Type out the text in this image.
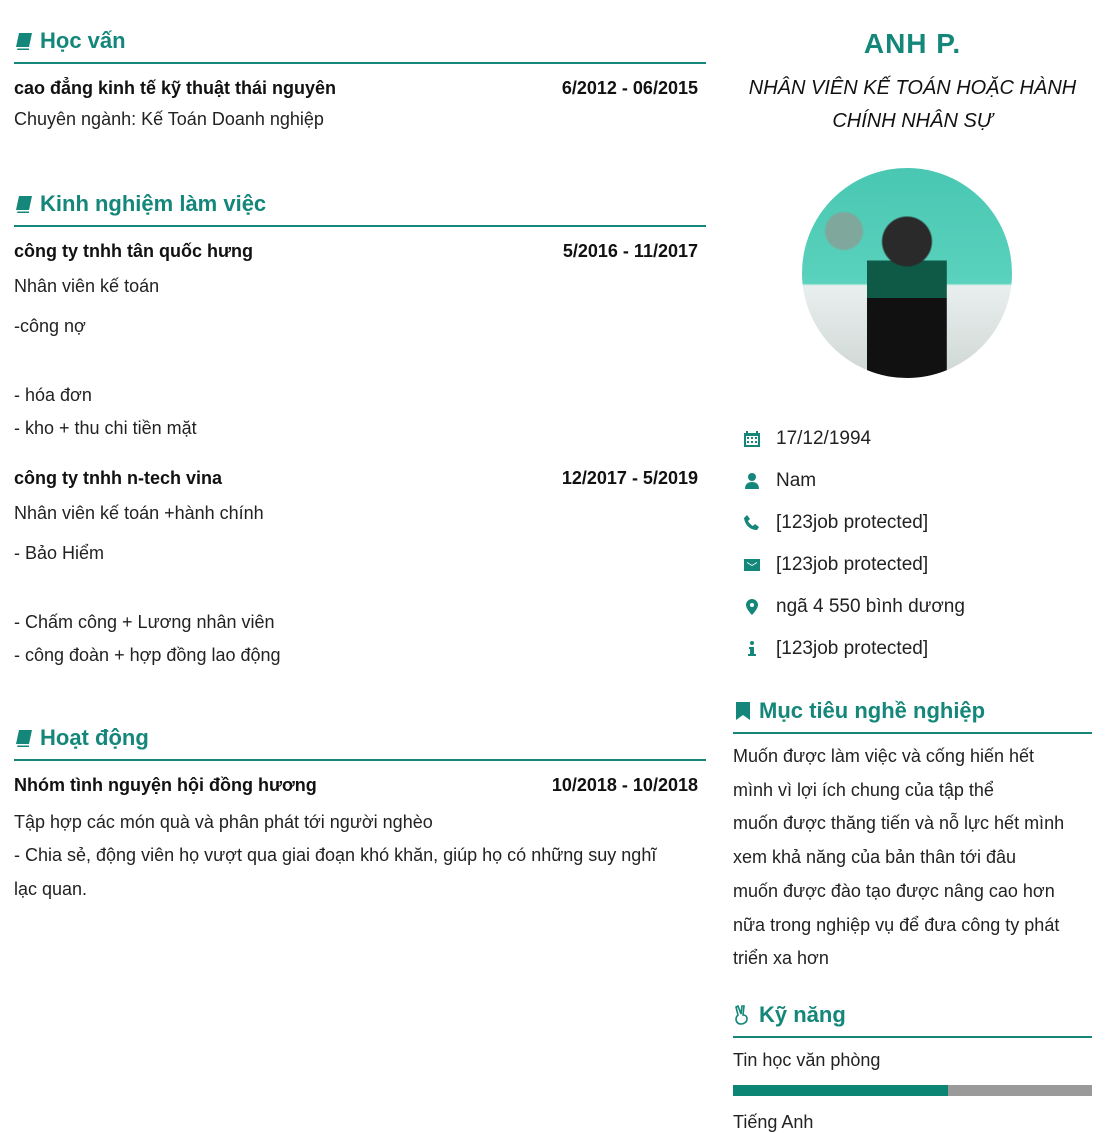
Học vấn
cao đẳng kinh tế kỹ thuật thái nguyên	6/2012 - 06/2015
Chuyên ngành: Kế Toán Doanh nghiệp
Kinh nghiệm làm việc
công ty tnhh tân quốc hưng	5/2016 - 11/2017
Nhân viên kế toán
-công nợ
- hóa đơn
- kho + thu chi tiền mặt
công ty tnhh n-tech vina	12/2017 - 5/2019
Nhân viên kế toán +hành chính
- Bảo Hiểm
- Chấm công + Lương nhân viên
- công đoàn + hợp đồng lao động
Hoạt động
Nhóm tình nguyện hội đồng hương	10/2018 - 10/2018
Tập hợp các món quà và phân phát tới người nghèo
- Chia sẻ, động viên họ vượt qua giai đoạn khó khăn, giúp họ có những suy nghĩ
lạc quan.
ANH P.
NHÂN VIÊN KẾ TOÁN HOẶC HÀNH CHÍNH NHÂN SỰ
17/12/1994
Nam
[123job protected]
[123job protected]
ngã 4 550 bình dương
[123job protected]
Mục tiêu nghề nghiệp
Muốn được làm việc và cống hiến hết
mình vì lợi ích chung của tập thể
muốn được thăng tiến và nỗ lực hết mình
xem khả năng của bản thân tới đâu
muốn được đào tạo được nâng cao hơn
nữa trong nghiệp vụ để đưa công ty phát
triển xa hơn
Kỹ năng
Tin học văn phòng
Tiếng Anh
